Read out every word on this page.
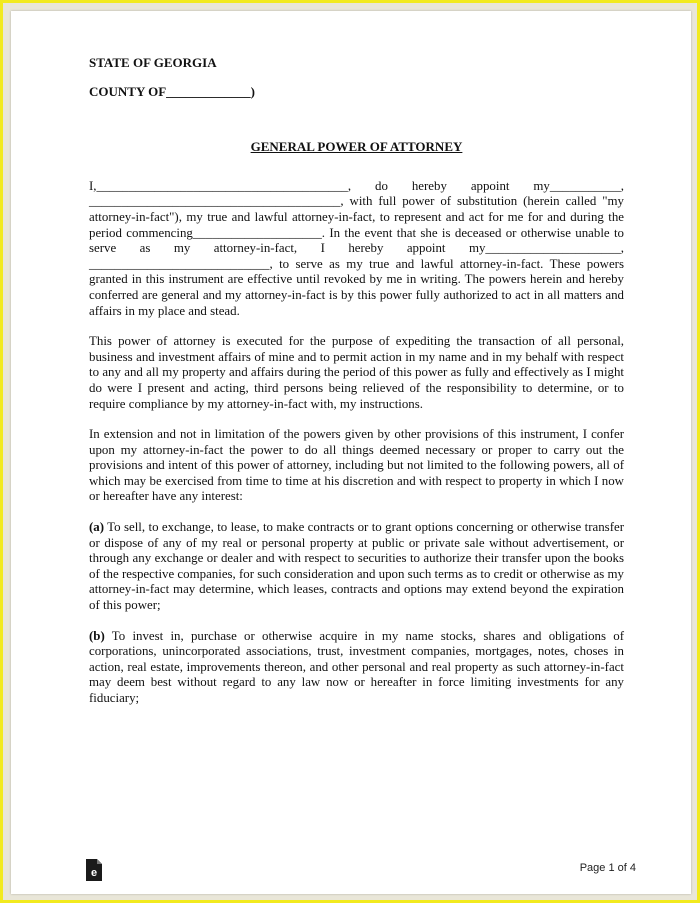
STATE OF GEORGIA

COUNTY OF_____________)

GENERAL POWER OF ATTORNEY

I,_______________________________________, do hereby appoint my___________, _______________________________________, with full power of substitution (herein called "my attorney-in-fact"), my true and lawful attorney-in-fact, to represent and act for me for and during the period commencing____________________. In the event that she is deceased or otherwise unable to serve as my attorney-in-fact, I hereby appoint my_____________________, ____________________________, to serve as my true and lawful attorney-in-fact. These powers granted in this instrument are effective until revoked by me in writing. The powers herein and hereby conferred are general and my attorney-in-fact is by this power fully authorized to act in all matters and affairs in my place and stead.

This power of attorney is executed for the purpose of expediting the transaction of all personal, business and investment affairs of mine and to permit action in my name and in my behalf with respect to any and all my property and affairs during the period of this power as fully and effectively as I might do were I present and acting, third persons being relieved of the responsibility to determine, or to require compliance by my attorney-in-fact with, my instructions.

In extension and not in limitation of the powers given by other provisions of this instrument, I confer upon my attorney-in-fact the power to do all things deemed necessary or proper to carry out the provisions and intent of this power of attorney, including but not limited to the following powers, all of which may be exercised from time to time at his discretion and with respect to property in which I now or hereafter have any interest:

(a) To sell, to exchange, to lease, to make contracts or to grant options concerning or otherwise transfer or dispose of any of my real or personal property at public or private sale without advertisement, or through any exchange or dealer and with respect to securities to authorize their transfer upon the books of the respective companies, for such consideration and upon such terms as to credit or otherwise as my attorney-in-fact may determine, which leases, contracts and options may extend beyond the expiration of this power;

(b) To invest in, purchase or otherwise acquire in my name stocks, shares and obligations of corporations, unincorporated associations, trust, investment companies, mortgages, notes, choses in action, real estate, improvements thereon, and other personal and real property as such attorney-in-fact may deem best without regard to any law now or hereafter in force limiting investments for any fiduciary;

e	Page 1 of 4
